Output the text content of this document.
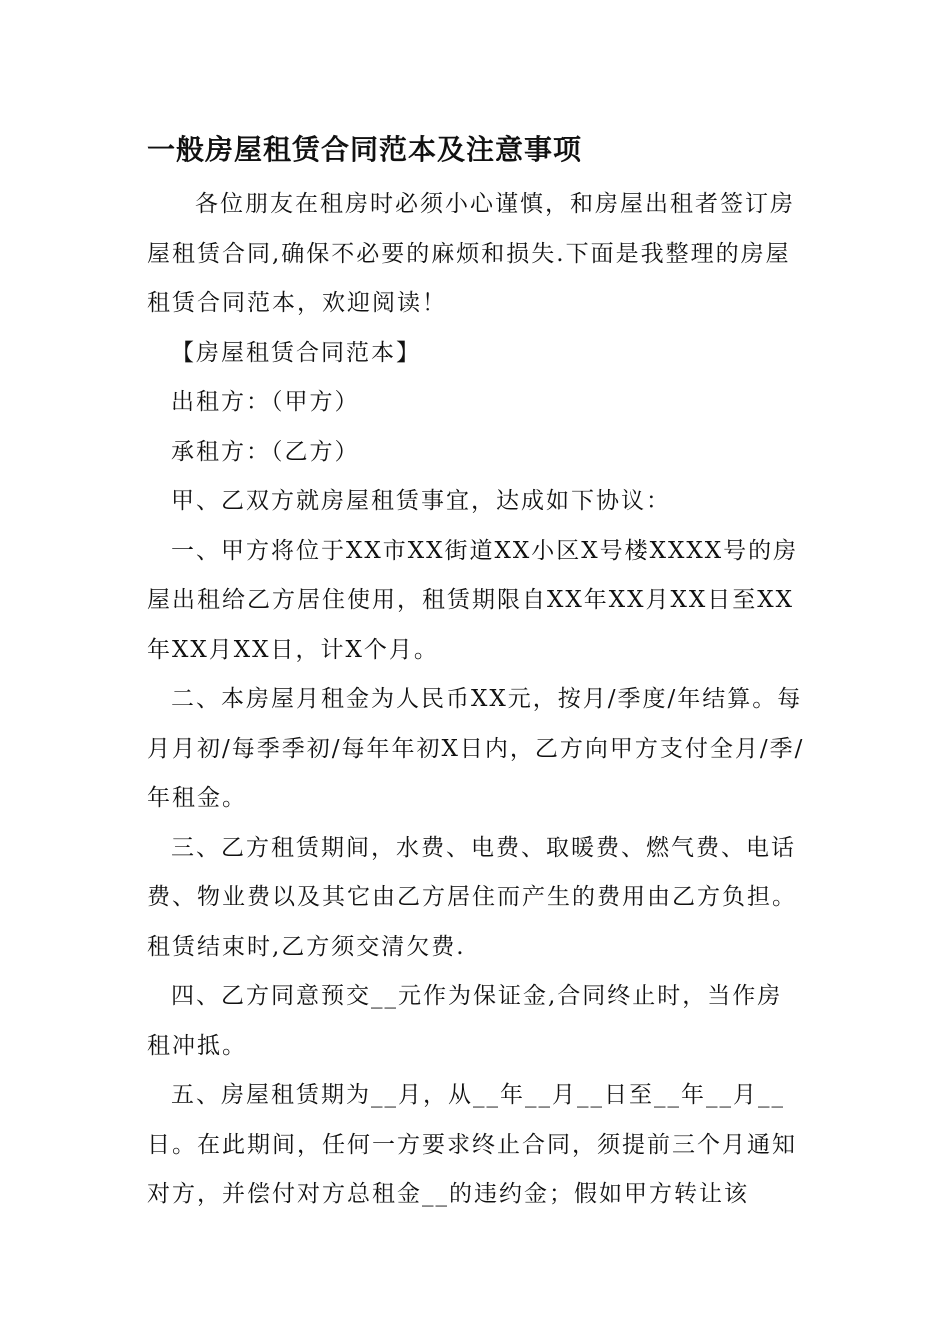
一般房屋租赁合同范本及注意事项

各位朋友在租房时必须小心谨慎，和房屋出租者签订房屋租赁合同,确保不必要的麻烦和损失.下面是我整理的房屋租赁合同范本，欢迎阅读！

【房屋租赁合同范本】

出租方：（甲方）

承租方：（乙方）

甲、乙双方就房屋租赁事宜，达成如下协议：

一、甲方将位于XX市XX街道XX小区X号楼XXXX号的房屋出租给乙方居住使用，租赁期限自XX年XX月XX日至XX年XX月XX日，计X个月。

二、本房屋月租金为人民币XX元，按月/季度/年结算。每月月初/每季季初/每年年初X日内，乙方向甲方支付全月/季/年租金。

三、乙方租赁期间，水费、电费、取暖费、燃气费、电话费、物业费以及其它由乙方居住而产生的费用由乙方负担。租赁结束时,乙方须交清欠费.

四、乙方同意预交__元作为保证金,合同终止时，当作房租冲抵。

五、房屋租赁期为__月，从__年__月__日至__年__月__日。在此期间，任何一方要求终止合同，须提前三个月通知对方，并偿付对方总租金__的违约金；假如甲方转让该
